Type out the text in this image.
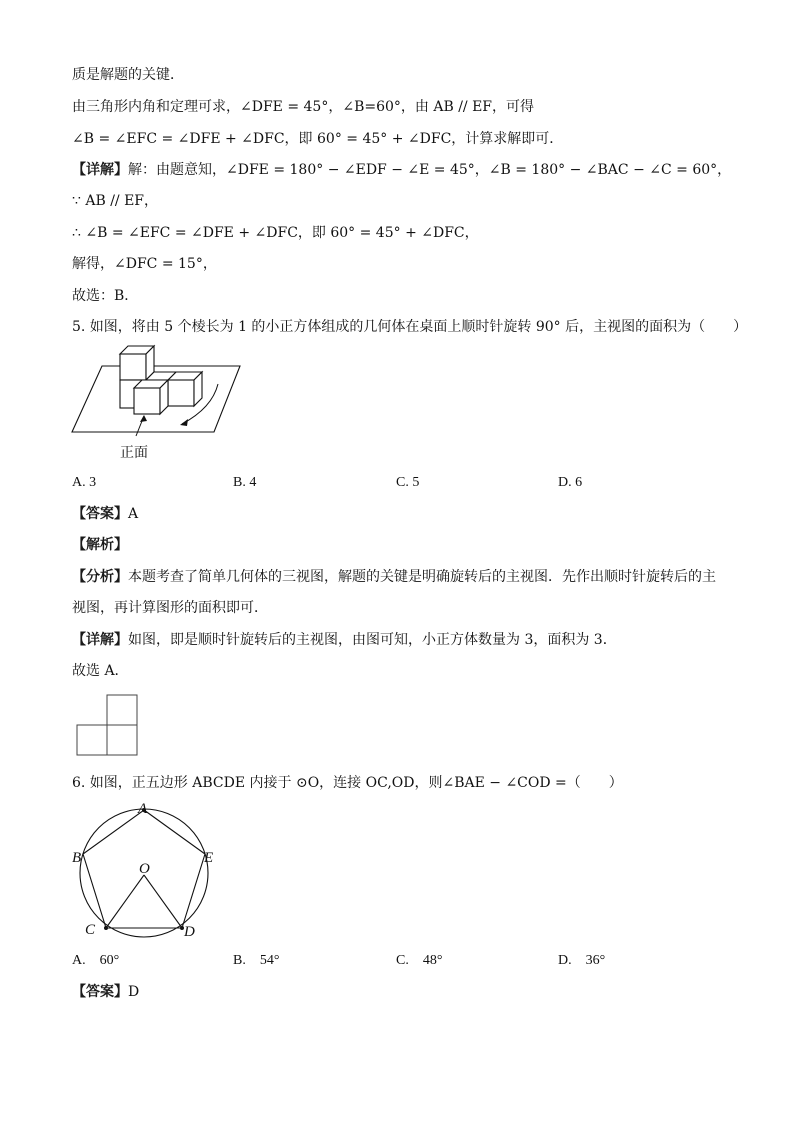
质是解题的关键．
由三角形内角和定理可求，∠DFE = 45°，∠B=60°，由 AB // EF，可得
∠B = ∠EFC = ∠DFE + ∠DFC，即 60° = 45° + ∠DFC，计算求解即可．
【详解】解：由题意知，∠DFE = 180° − ∠EDF − ∠E = 45°，∠B = 180° − ∠BAC − ∠C = 60°，
∵ AB // EF，
∴ ∠B = ∠EFC = ∠DFE + ∠DFC，即 60° = 45° + ∠DFC，
解得，∠DFC = 15°，
故选：B．
5. 如图，将由 5 个棱长为 1 的小正方体组成的几何体在桌面上顺时针旋转 90° 后，主视图的面积为（　　）
正面
A. 3	B. 4	C. 5	D. 6
【答案】A
【解析】
【分析】本题考查了简单几何体的三视图，解题的关键是明确旋转后的主视图．先作出顺时针旋转后的主
视图，再计算图形的面积即可．
【详解】如图，即是顺时针旋转后的主视图，由图可知，小正方体数量为 3，面积为 3．
故选 A．
6. 如图，正五边形 ABCDE 内接于 ⊙O，连接 OC,OD，则∠BAE − ∠COD =（　　）
A
B
C	D
E
O
A.　60°	B.　54°	C.　48°	D.　36°
【答案】D
